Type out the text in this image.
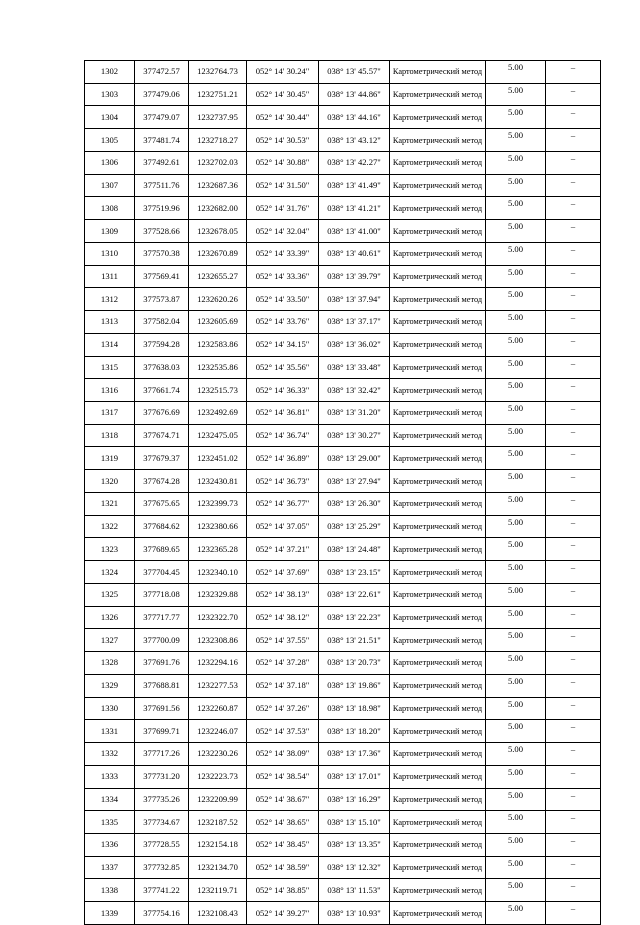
1302	377472.57	1232764.73	052° 14' 30.24"	038° 13' 45.57"	Картометрический метод	5.00	–
1303	377479.06	1232751.21	052° 14' 30.45"	038° 13' 44.86"	Картометрический метод	5.00	–
1304	377479.07	1232737.95	052° 14' 30.44"	038° 13' 44.16"	Картометрический метод	5.00	–
1305	377481.74	1232718.27	052° 14' 30.53"	038° 13' 43.12"	Картометрический метод	5.00	–
1306	377492.61	1232702.03	052° 14' 30.88"	038° 13' 42.27"	Картометрический метод	5.00	–
1307	377511.76	1232687.36	052° 14' 31.50"	038° 13' 41.49"	Картометрический метод	5.00	–
1308	377519.96	1232682.00	052° 14' 31.76"	038° 13' 41.21"	Картометрический метод	5.00	–
1309	377528.66	1232678.05	052° 14' 32.04"	038° 13' 41.00"	Картометрический метод	5.00	–
1310	377570.38	1232670.89	052° 14' 33.39"	038° 13' 40.61"	Картометрический метод	5.00	–
1311	377569.41	1232655.27	052° 14' 33.36"	038° 13' 39.79"	Картометрический метод	5.00	–
1312	377573.87	1232620.26	052° 14' 33.50"	038° 13' 37.94"	Картометрический метод	5.00	–
1313	377582.04	1232605.69	052° 14' 33.76"	038° 13' 37.17"	Картометрический метод	5.00	–
1314	377594.28	1232583.86	052° 14' 34.15"	038° 13' 36.02"	Картометрический метод	5.00	–
1315	377638.03	1232535.86	052° 14' 35.56"	038° 13' 33.48"	Картометрический метод	5.00	–
1316	377661.74	1232515.73	052° 14' 36.33"	038° 13' 32.42"	Картометрический метод	5.00	–
1317	377676.69	1232492.69	052° 14' 36.81"	038° 13' 31.20"	Картометрический метод	5.00	–
1318	377674.71	1232475.05	052° 14' 36.74"	038° 13' 30.27"	Картометрический метод	5.00	–
1319	377679.37	1232451.02	052° 14' 36.89"	038° 13' 29.00"	Картометрический метод	5.00	–
1320	377674.28	1232430.81	052° 14' 36.73"	038° 13' 27.94"	Картометрический метод	5.00	–
1321	377675.65	1232399.73	052° 14' 36.77"	038° 13' 26.30"	Картометрический метод	5.00	–
1322	377684.62	1232380.66	052° 14' 37.05"	038° 13' 25.29"	Картометрический метод	5.00	–
1323	377689.65	1232365.28	052° 14' 37.21"	038° 13' 24.48"	Картометрический метод	5.00	–
1324	377704.45	1232340.10	052° 14' 37.69"	038° 13' 23.15"	Картометрический метод	5.00	–
1325	377718.08	1232329.88	052° 14' 38.13"	038° 13' 22.61"	Картометрический метод	5.00	–
1326	377717.77	1232322.70	052° 14' 38.12"	038° 13' 22.23"	Картометрический метод	5.00	–
1327	377700.09	1232308.86	052° 14' 37.55"	038° 13' 21.51"	Картометрический метод	5.00	–
1328	377691.76	1232294.16	052° 14' 37.28"	038° 13' 20.73"	Картометрический метод	5.00	–
1329	377688.81	1232277.53	052° 14' 37.18"	038° 13' 19.86"	Картометрический метод	5.00	–
1330	377691.56	1232260.87	052° 14' 37.26"	038° 13' 18.98"	Картометрический метод	5.00	–
1331	377699.71	1232246.07	052° 14' 37.53"	038° 13' 18.20"	Картометрический метод	5.00	–
1332	377717.26	1232230.26	052° 14' 38.09"	038° 13' 17.36"	Картометрический метод	5.00	–
1333	377731.20	1232223.73	052° 14' 38.54"	038° 13' 17.01"	Картометрический метод	5.00	–
1334	377735.26	1232209.99	052° 14' 38.67"	038° 13' 16.29"	Картометрический метод	5.00	–
1335	377734.67	1232187.52	052° 14' 38.65"	038° 13' 15.10"	Картометрический метод	5.00	–
1336	377728.55	1232154.18	052° 14' 38.45"	038° 13' 13.35"	Картометрический метод	5.00	–
1337	377732.85	1232134.70	052° 14' 38.59"	038° 13' 12.32"	Картометрический метод	5.00	–
1338	377741.22	1232119.71	052° 14' 38.85"	038° 13' 11.53"	Картометрический метод	5.00	–
1339	377754.16	1232108.43	052° 14' 39.27"	038° 13' 10.93"	Картометрический метод	5.00	–
